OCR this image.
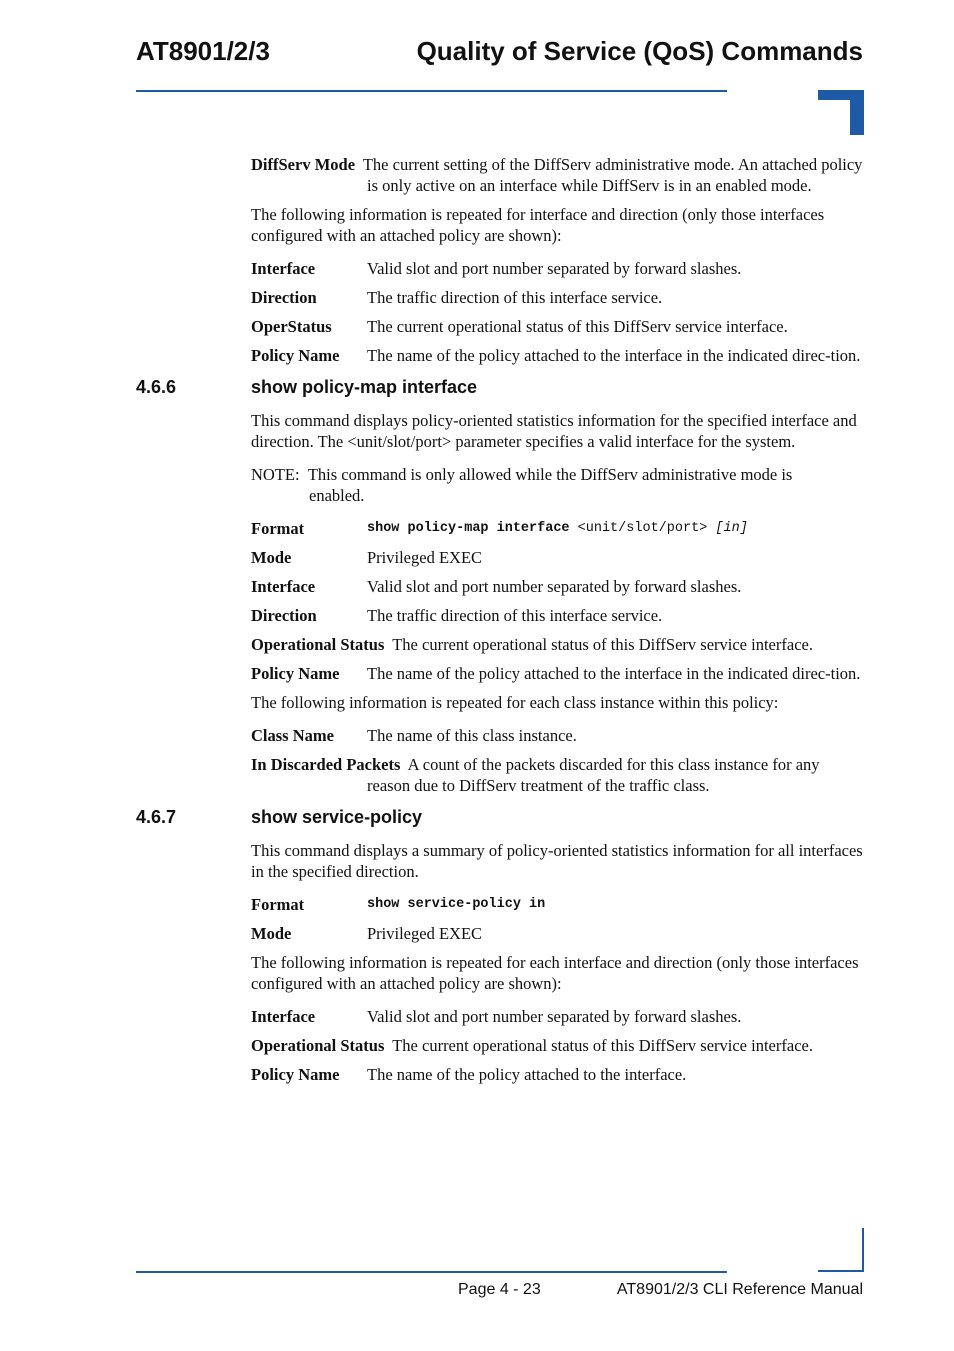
AT8901/2/3	Quality of Service (QoS) Commands
DiffServ Mode The current setting of the DiffServ administrative mode. An attached policy is only active on an interface while DiffServ is in an enabled mode.

The following information is repeated for interface and direction (only those interfaces configured with an attached policy are shown):

Interface	Valid slot and port number separated by forward slashes.
Direction	The traffic direction of this interface service.
OperStatus	The current operational status of this DiffServ service interface.
Policy Name	The name of the policy attached to the interface in the indicated direc-tion.
4.6.6	show policy-map interface

This command displays policy-oriented statistics information for the specified interface and direction. The <unit/slot/port> parameter specifies a valid interface for the system.

NOTE: This command is only allowed while the DiffServ administrative mode is enabled.

Format	show policy-map interface <unit/slot/port> [in]
Mode	Privileged EXEC
Interface	Valid slot and port number separated by forward slashes.
Direction	The traffic direction of this interface service.
Operational Status The current operational status of this DiffServ service interface.
Policy Name	The name of the policy attached to the interface in the indicated direc-tion.

The following information is repeated for each class instance within this policy:

Class Name	The name of this class instance.
In Discarded Packets A count of the packets discarded for this class instance for any reason due to DiffServ treatment of the traffic class.
4.6.7	show service-policy

This command displays a summary of policy-oriented statistics information for all interfaces in the specified direction.

Format	show service-policy in
Mode	Privileged EXEC

The following information is repeated for each interface and direction (only those interfaces configured with an attached policy are shown):

Interface	Valid slot and port number separated by forward slashes.
Operational Status The current operational status of this DiffServ service interface.
Policy Name	The name of the policy attached to the interface.
Page 4 - 23	AT8901/2/3 CLI Reference Manual
